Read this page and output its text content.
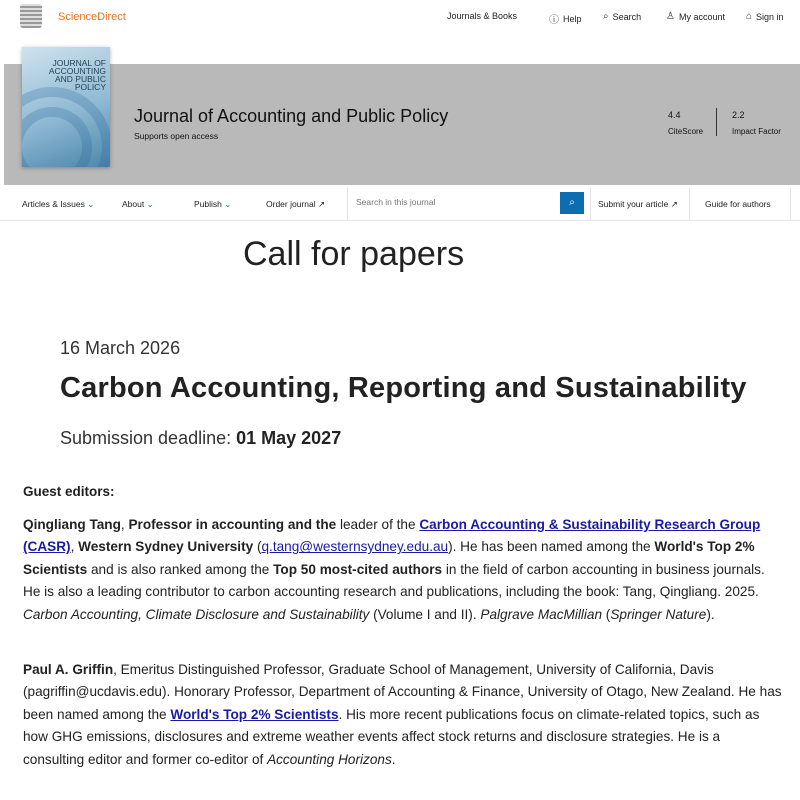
ScienceDirect	Journals & Books	ⓘ Help ⌕ Search ♙ My account ⌂ Sign in
JOURNAL OF ACCOUNTING AND PUBLIC POLICY
Journal of Accounting and Public Policy
Supports open access
4.4
CiteScore
2.2
Impact Factor
Articles & Issues ⌄	About ⌄	Publish ⌄	Order journal ↗
Search in this journal	⌕	Submit your article ↗	Guide for authors
Call for papers
16 March 2026
Carbon Accounting, Reporting and Sustainability
Submission deadline: 01 May 2027
Guest editors:

Qingliang Tang, Professor in accounting and the leader of the Carbon Accounting & Sustainability Research Group (CASR), Western Sydney University (q.tang@westernsydney.edu.au). He has been named among the World's Top 2% Scientists and is also ranked among the Top 50 most-cited authors in the field of carbon accounting in business journals. He is also a leading contributor to carbon accounting research and publications, including the book: Tang, Qingliang. 2025. Carbon Accounting, Climate Disclosure and Sustainability (Volume I and II). Palgrave MacMillian (Springer Nature).

Paul A. Griffin, Emeritus Distinguished Professor, Graduate School of Management, University of California, Davis (pagriffin@ucdavis.edu). Honorary Professor, Department of Accounting & Finance, University of Otago, New Zealand. He has been named among the World's Top 2% Scientists. His more recent publications focus on climate-related topics, such as how GHG emissions, disclosures and extreme weather events affect stock returns and disclosure strategies. He is a consulting editor and former co-editor of Accounting Horizons.
